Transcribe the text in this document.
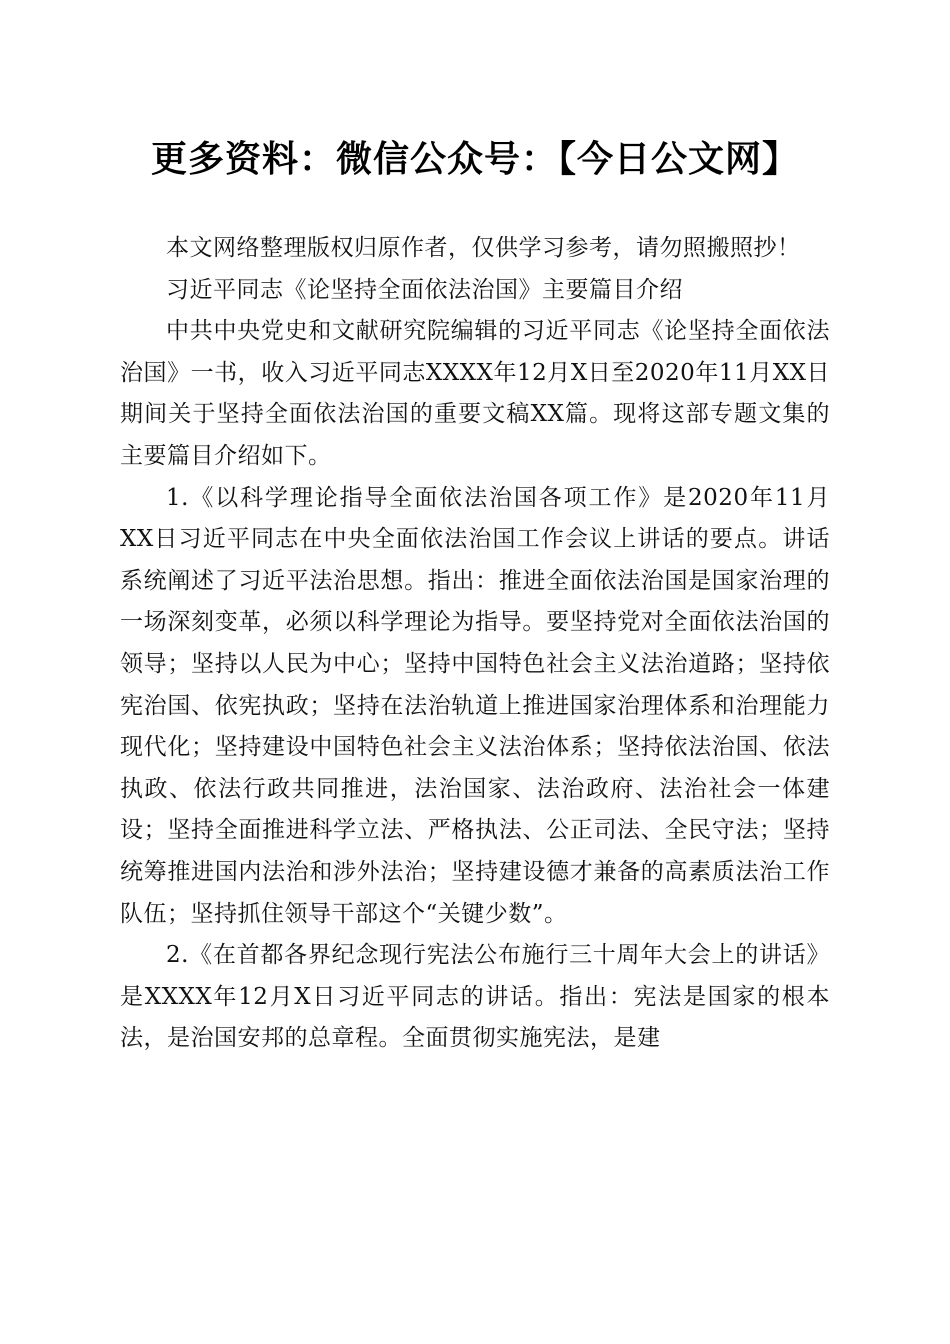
更多资料：微信公众号：【今日公文网】

本文网络整理版权归原作者，仅供学习参考，请勿照搬照抄！

习近平同志《论坚持全面依法治国》主要篇目介绍

中共中央党史和文献研究院编辑的习近平同志《论坚持全面依法治国》一书，收入习近平同志XXXX年12月X日至2020年11月XX日期间关于坚持全面依法治国的重要文稿XX篇。现将这部专题文集的主要篇目介绍如下。

1.《以科学理论指导全面依法治国各项工作》是2020年11月XX日习近平同志在中央全面依法治国工作会议上讲话的要点。讲话系统阐述了习近平法治思想。指出：推进全面依法治国是国家治理的一场深刻变革，必须以科学理论为指导。要坚持党对全面依法治国的领导；坚持以人民为中心；坚持中国特色社会主义法治道路；坚持依宪治国、依宪执政；坚持在法治轨道上推进国家治理体系和治理能力现代化；坚持建设中国特色社会主义法治体系；坚持依法治国、依法执政、依法行政共同推进，法治国家、法治政府、法治社会一体建设；坚持全面推进科学立法、严格执法、公正司法、全民守法；坚持统筹推进国内法治和涉外法治；坚持建设德才兼备的高素质法治工作队伍；坚持抓住领导干部这个“关键少数”。

2.《在首都各界纪念现行宪法公布施行三十周年大会上的讲话》是XXXX年12月X日习近平同志的讲话。指出：宪法是国家的根本法，是治国安邦的总章程。全面贯彻实施宪法，是建
